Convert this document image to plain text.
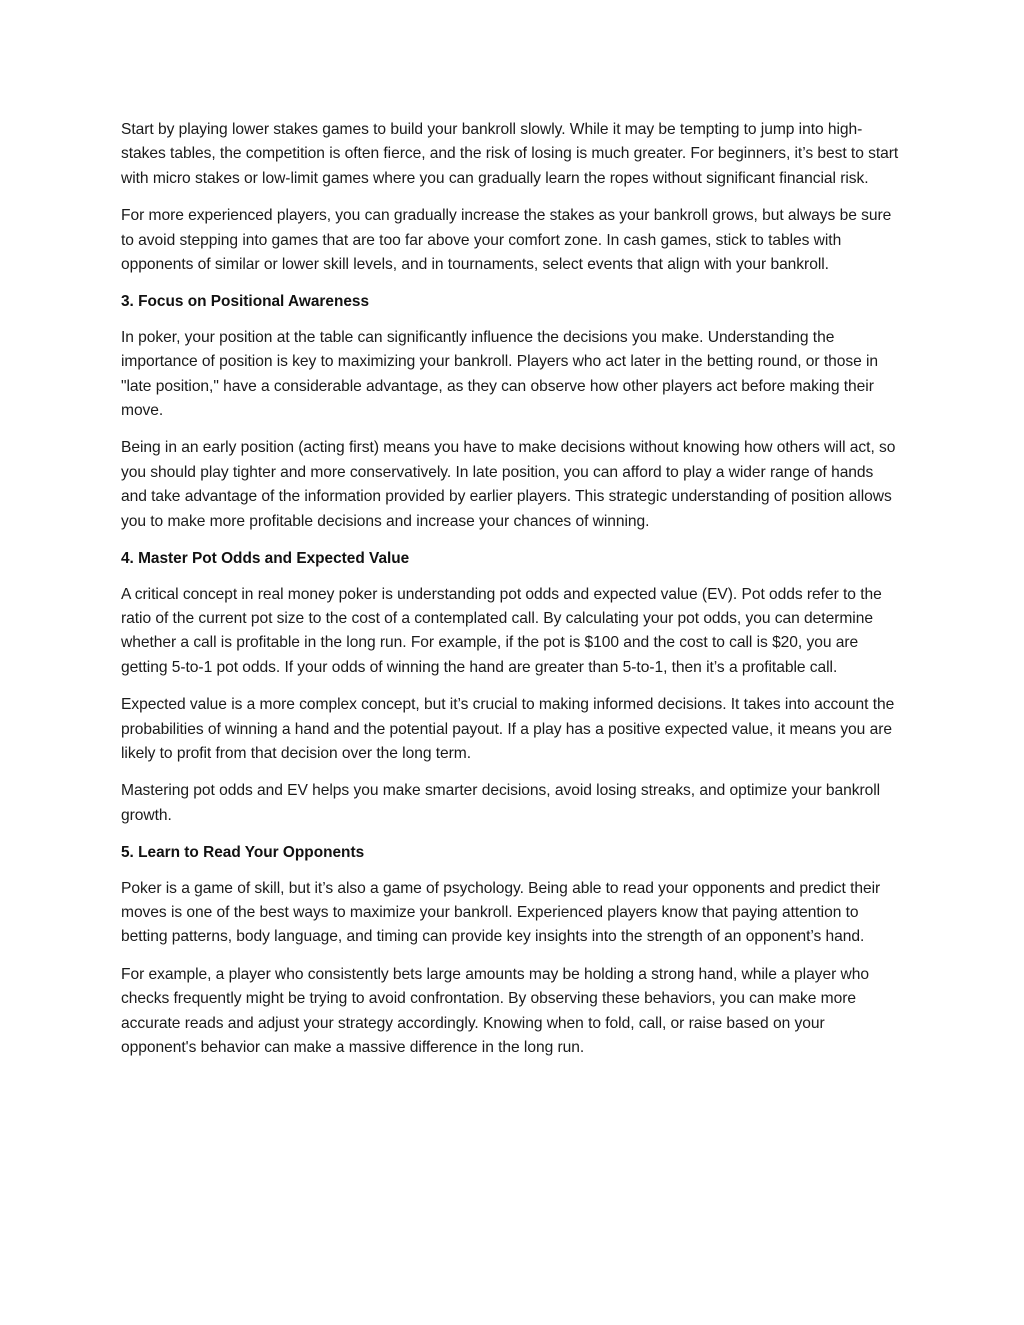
Start by playing lower stakes games to build your bankroll slowly. While it may be tempting to jump into high-stakes tables, the competition is often fierce, and the risk of losing is much greater. For beginners, it’s best to start with micro stakes or low-limit games where you can gradually learn the ropes without significant financial risk.

For more experienced players, you can gradually increase the stakes as your bankroll grows, but always be sure to avoid stepping into games that are too far above your comfort zone. In cash games, stick to tables with opponents of similar or lower skill levels, and in tournaments, select events that align with your bankroll.

3. Focus on Positional Awareness

In poker, your position at the table can significantly influence the decisions you make. Understanding the importance of position is key to maximizing your bankroll. Players who act later in the betting round, or those in "late position," have a considerable advantage, as they can observe how other players act before making their move.

Being in an early position (acting first) means you have to make decisions without knowing how others will act, so you should play tighter and more conservatively. In late position, you can afford to play a wider range of hands and take advantage of the information provided by earlier players. This strategic understanding of position allows you to make more profitable decisions and increase your chances of winning.

4. Master Pot Odds and Expected Value

A critical concept in real money poker is understanding pot odds and expected value (EV). Pot odds refer to the ratio of the current pot size to the cost of a contemplated call. By calculating your pot odds, you can determine whether a call is profitable in the long run. For example, if the pot is $100 and the cost to call is $20, you are getting 5-to-1 pot odds. If your odds of winning the hand are greater than 5-to-1, then it’s a profitable call.

Expected value is a more complex concept, but it’s crucial to making informed decisions. It takes into account the probabilities of winning a hand and the potential payout. If a play has a positive expected value, it means you are likely to profit from that decision over the long term.

Mastering pot odds and EV helps you make smarter decisions, avoid losing streaks, and optimize your bankroll growth.

5. Learn to Read Your Opponents

Poker is a game of skill, but it’s also a game of psychology. Being able to read your opponents and predict their moves is one of the best ways to maximize your bankroll. Experienced players know that paying attention to betting patterns, body language, and timing can provide key insights into the strength of an opponent’s hand.

For example, a player who consistently bets large amounts may be holding a strong hand, while a player who checks frequently might be trying to avoid confrontation. By observing these behaviors, you can make more accurate reads and adjust your strategy accordingly. Knowing when to fold, call, or raise based on your opponent's behavior can make a massive difference in the long run.
